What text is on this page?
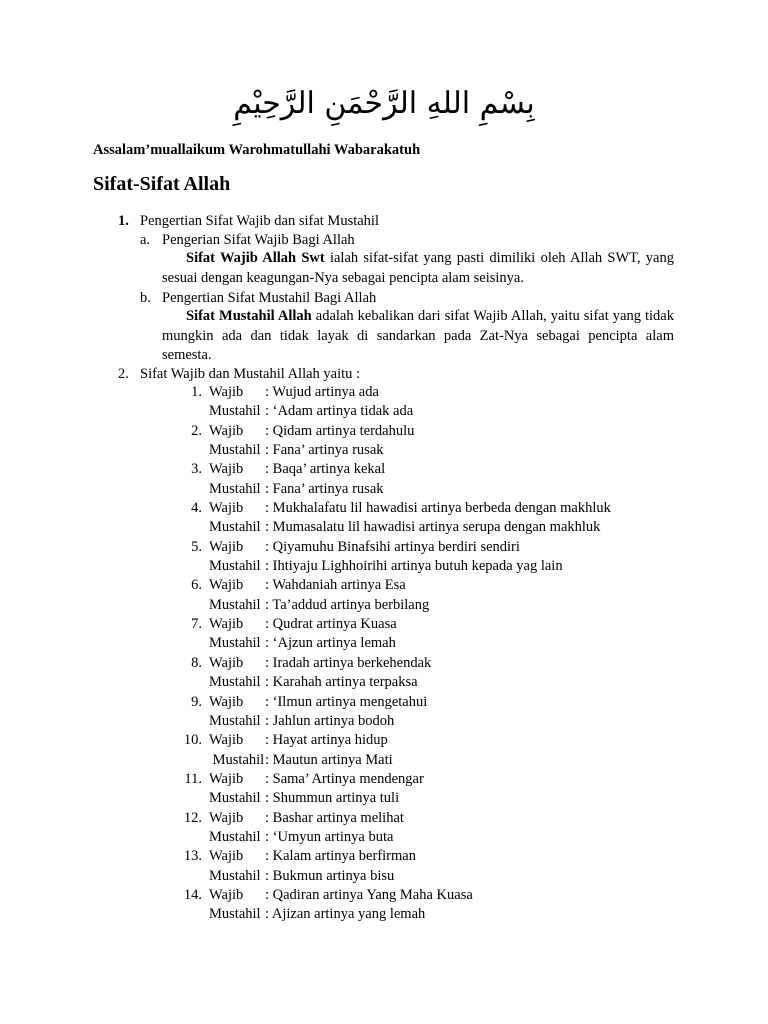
بِسْمِ اللهِ الرَّحْمَنِ الرَّحِيْمِ
Assalam’muallaikum Warohmatullahi Wabarakatuh
Sifat-Sifat Allah
1. Pengertian Sifat Wajib dan sifat Mustahil
a. Pengerian Sifat Wajib Bagi Allah
Sifat Wajib Allah Swt ialah sifat-sifat yang pasti dimiliki oleh Allah SWT, yang sesuai dengan keagungan-Nya sebagai pencipta alam seisinya.
b. Pengertian Sifat Mustahil Bagi Allah
Sifat Mustahil Allah adalah kebalikan dari sifat Wajib Allah, yaitu sifat yang tidak mungkin ada dan tidak layak di sandarkan pada Zat-Nya sebagai pencipta alam semesta.
2. Sifat Wajib dan Mustahil Allah yaitu :
1. Wajib : Wujud artinya ada
Mustahil : ‘Adam artinya tidak ada
2. Wajib : Qidam artinya terdahulu
Mustahil : Fana’ artinya rusak
3. Wajib : Baqa’ artinya kekal
Mustahil : Fana’ artinya rusak
4. Wajib : Mukhalafatu lil hawadisi artinya berbeda dengan makhluk
Mustahil : Mumasalatu lil hawadisi artinya serupa dengan makhluk
5. Wajib : Qiyamuhu Binafsihi artinya berdiri sendiri
Mustahil : Ihtiyaju Lighhoirihi artinya butuh kepada yag lain
6. Wajib : Wahdaniah artinya Esa
Mustahil : Ta’addud artinya berbilang
7. Wajib : Qudrat artinya Kuasa
Mustahil : ‘Ajzun artinya lemah
8. Wajib : Iradah artinya berkehendak
Mustahil : Karahah artinya terpaksa
9. Wajib : ‘Ilmun artinya mengetahui
Mustahil : Jahlun artinya bodoh
10. Wajib : Hayat artinya hidup
Mustahil : Mautun artinya Mati
11. Wajib : Sama’ Artinya mendengar
Mustahil : Shummun artinya tuli
12. Wajib : Bashar artinya melihat
Mustahil : ‘Umyun artinya buta
13. Wajib : Kalam artinya berfirman
Mustahil : Bukmun artinya bisu
14. Wajib : Qadiran artinya Yang Maha Kuasa
Mustahil : Ajizan artinya yang lemah
